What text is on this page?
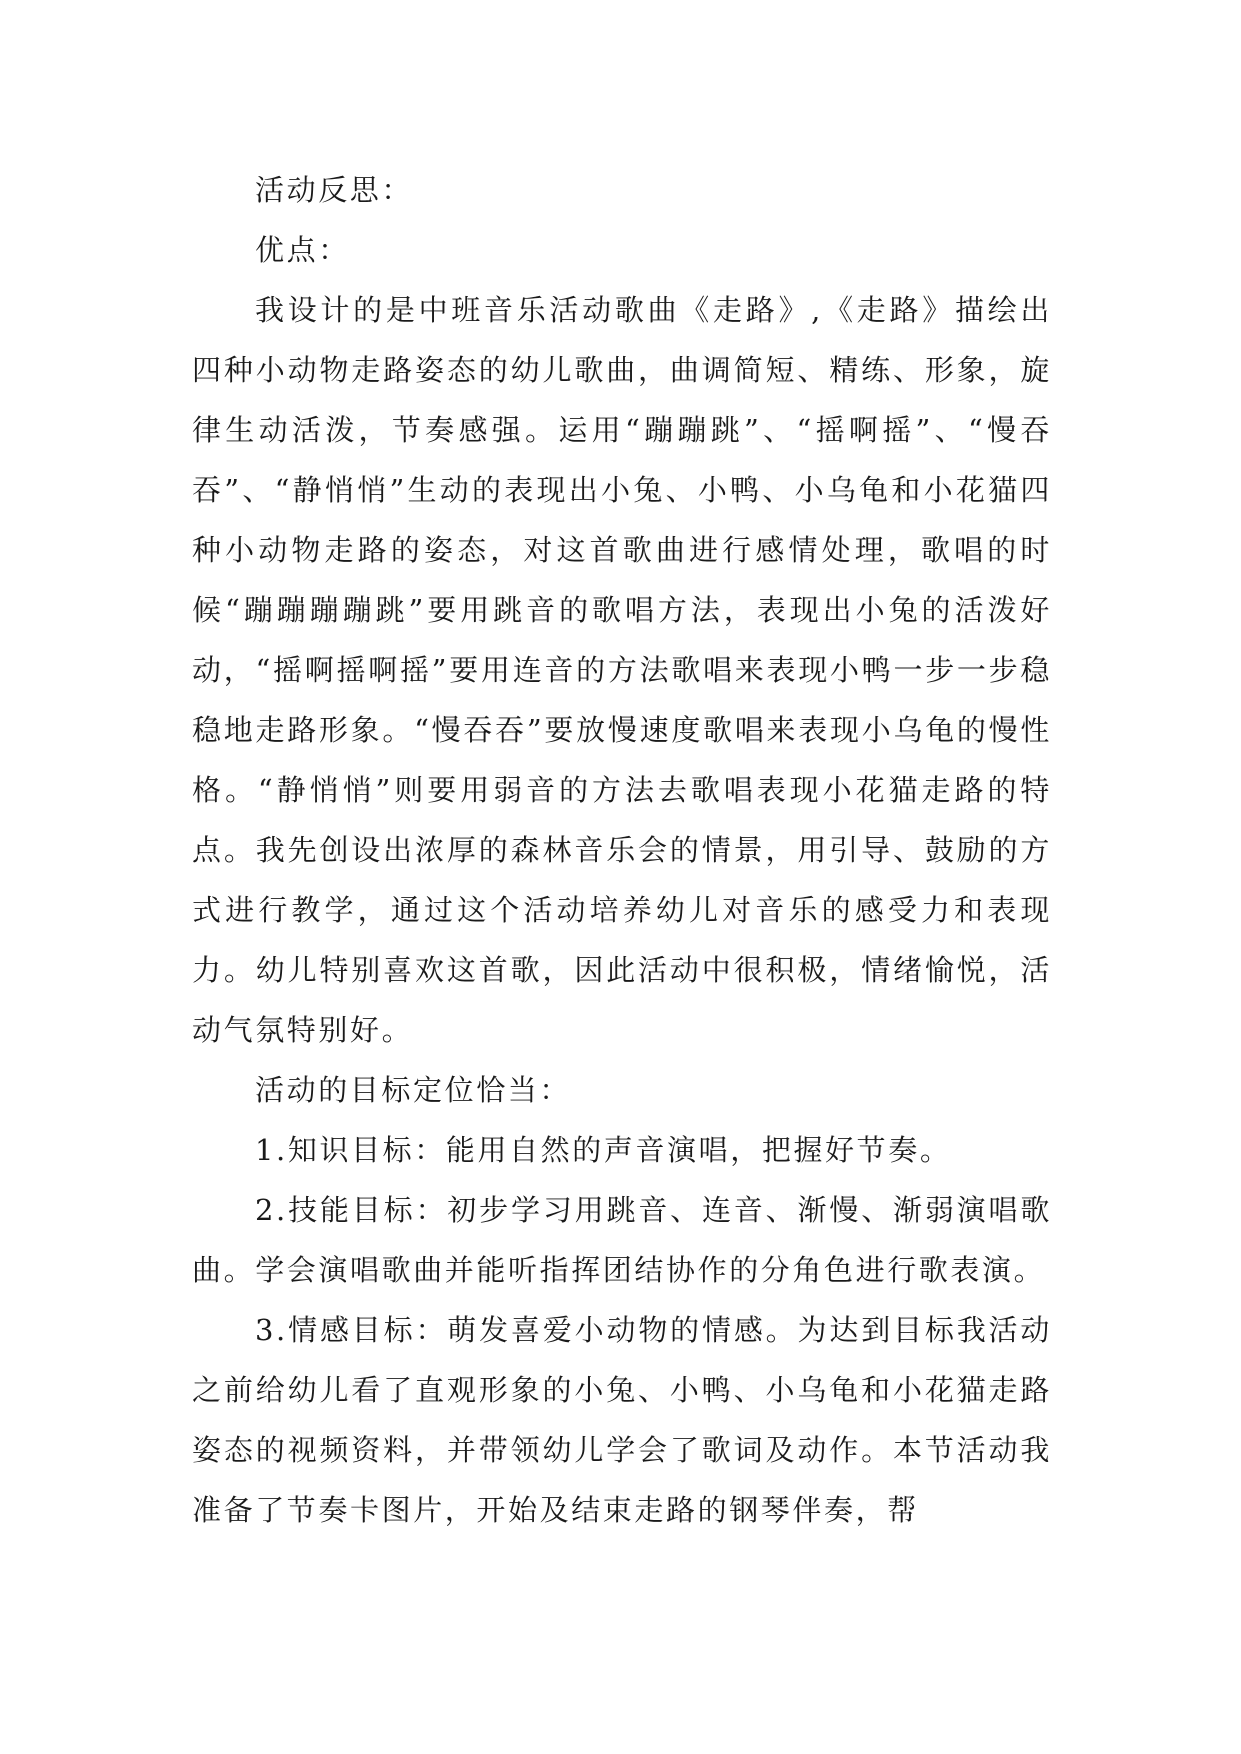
活动反思：

优点：

我设计的是中班音乐活动歌曲《走路》,《走路》描绘出四种小动物走路姿态的幼儿歌曲，曲调简短、精练、形象，旋律生动活泼，节奏感强。运用“蹦蹦跳”、“摇啊摇”、“慢吞吞”、“静悄悄”生动的表现出小兔、小鸭、小乌龟和小花猫四种小动物走路的姿态，对这首歌曲进行感情处理，歌唱的时候“蹦蹦蹦蹦跳”要用跳音的歌唱方法，表现出小兔的活泼好动，“摇啊摇啊摇”要用连音的方法歌唱来表现小鸭一步一步稳稳地走路形象。“慢吞吞”要放慢速度歌唱来表现小乌龟的慢性格。“静悄悄”则要用弱音的方法去歌唱表现小花猫走路的特点。我先创设出浓厚的森林音乐会的情景，用引导、鼓励的方式进行教学，通过这个活动培养幼儿对音乐的感受力和表现力。幼儿特别喜欢这首歌，因此活动中很积极，情绪愉悦，活动气氛特别好。

活动的目标定位恰当：

1.知识目标：能用自然的声音演唱，把握好节奏。

2.技能目标：初步学习用跳音、连音、渐慢、渐弱演唱歌曲。学会演唱歌曲并能听指挥团结协作的分角色进行歌表演。

3.情感目标：萌发喜爱小动物的情感。为达到目标我活动之前给幼儿看了直观形象的小兔、小鸭、小乌龟和小花猫走路姿态的视频资料，并带领幼儿学会了歌词及动作。本节活动我准备了节奏卡图片，开始及结束走路的钢琴伴奏，帮
